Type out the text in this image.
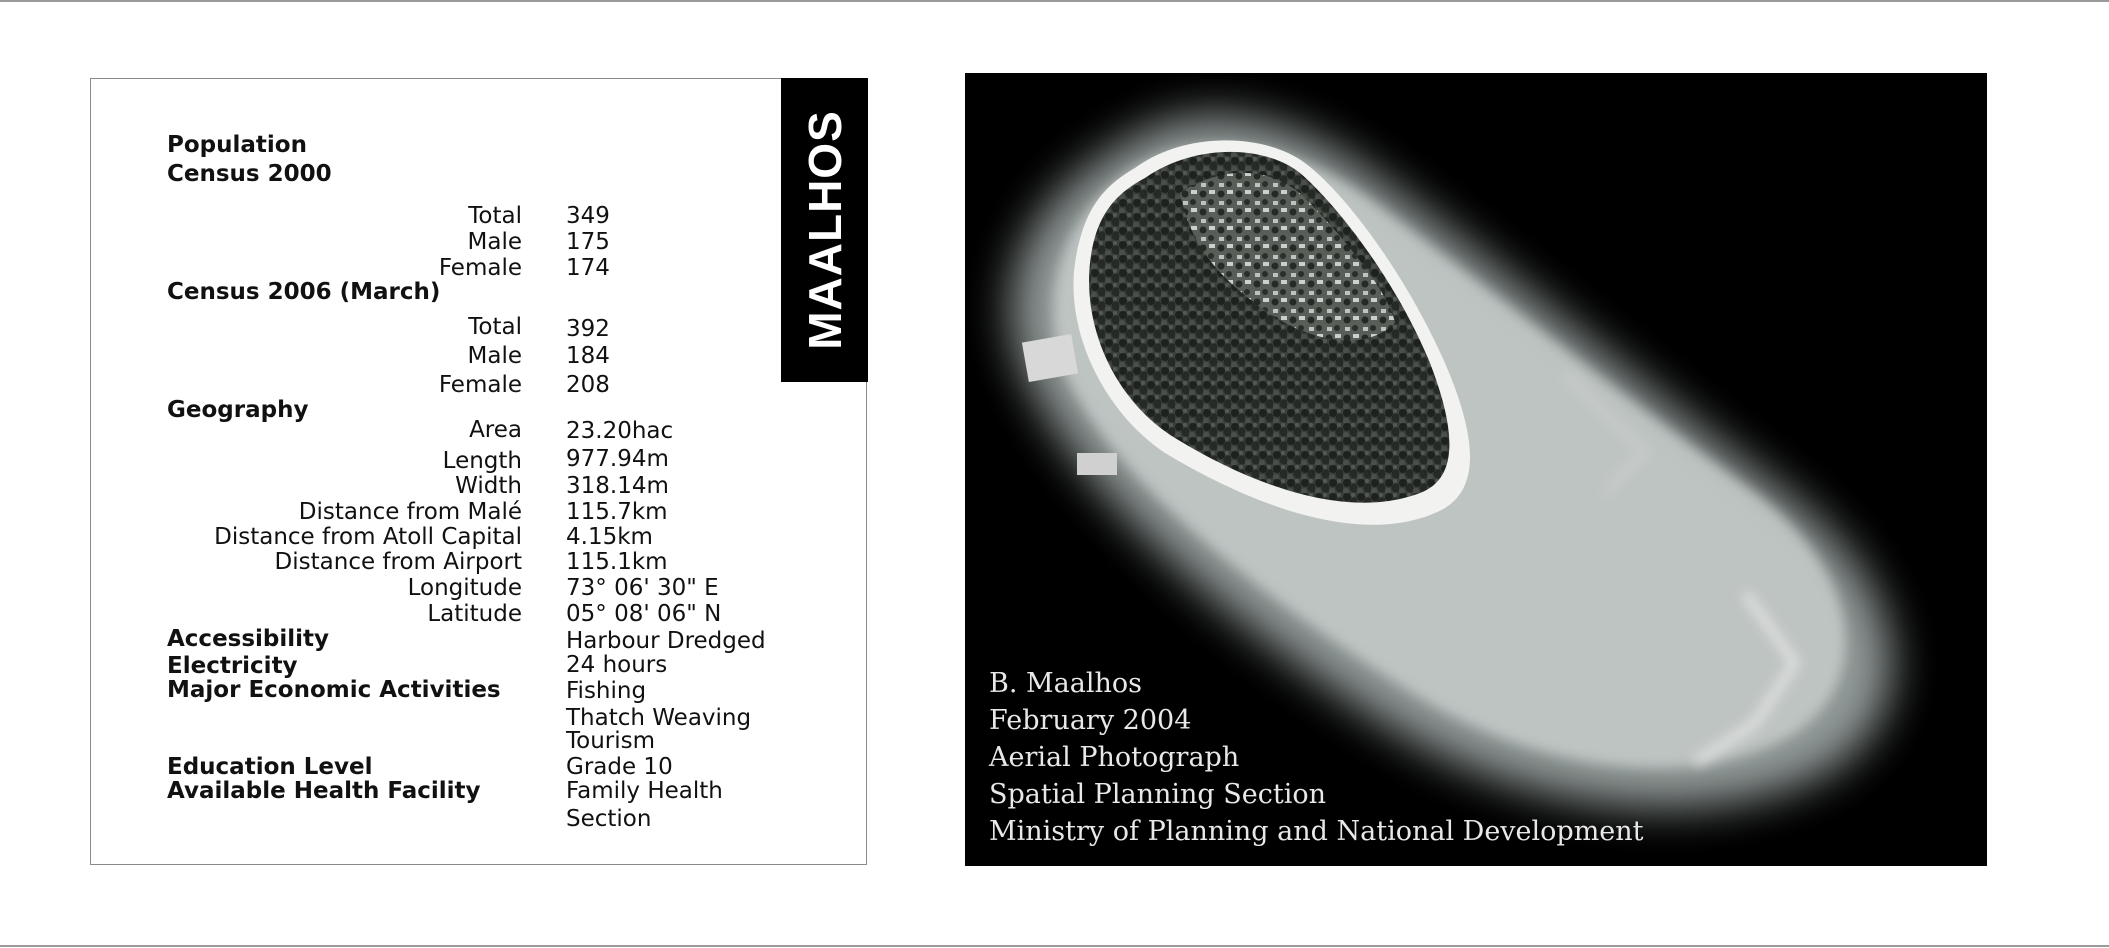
MAALHOS
Population
Census 2000
Total 349
Male 175
Female 174
Census 2006 (March)
Total 392
Male 184
Female 208
Geography
Area 23.20hac
Length 977.94m
Width 318.14m
Distance from Malé 115.7km
Distance from Atoll Capital 4.15km
Distance from Airport 115.1km
Longitude 73° 06' 30" E
Latitude 05° 08' 06" N
Accessibility	Harbour Dredged
Electricity	24 hours
Major Economic Activities	Fishing
Thatch Weaving
Tourism
Education Level	Grade 10
Available Health Facility	Family Health
Section
B. Maalhos
February 2004
Aerial Photograph
Spatial Planning Section
Ministry of Planning and National Development
